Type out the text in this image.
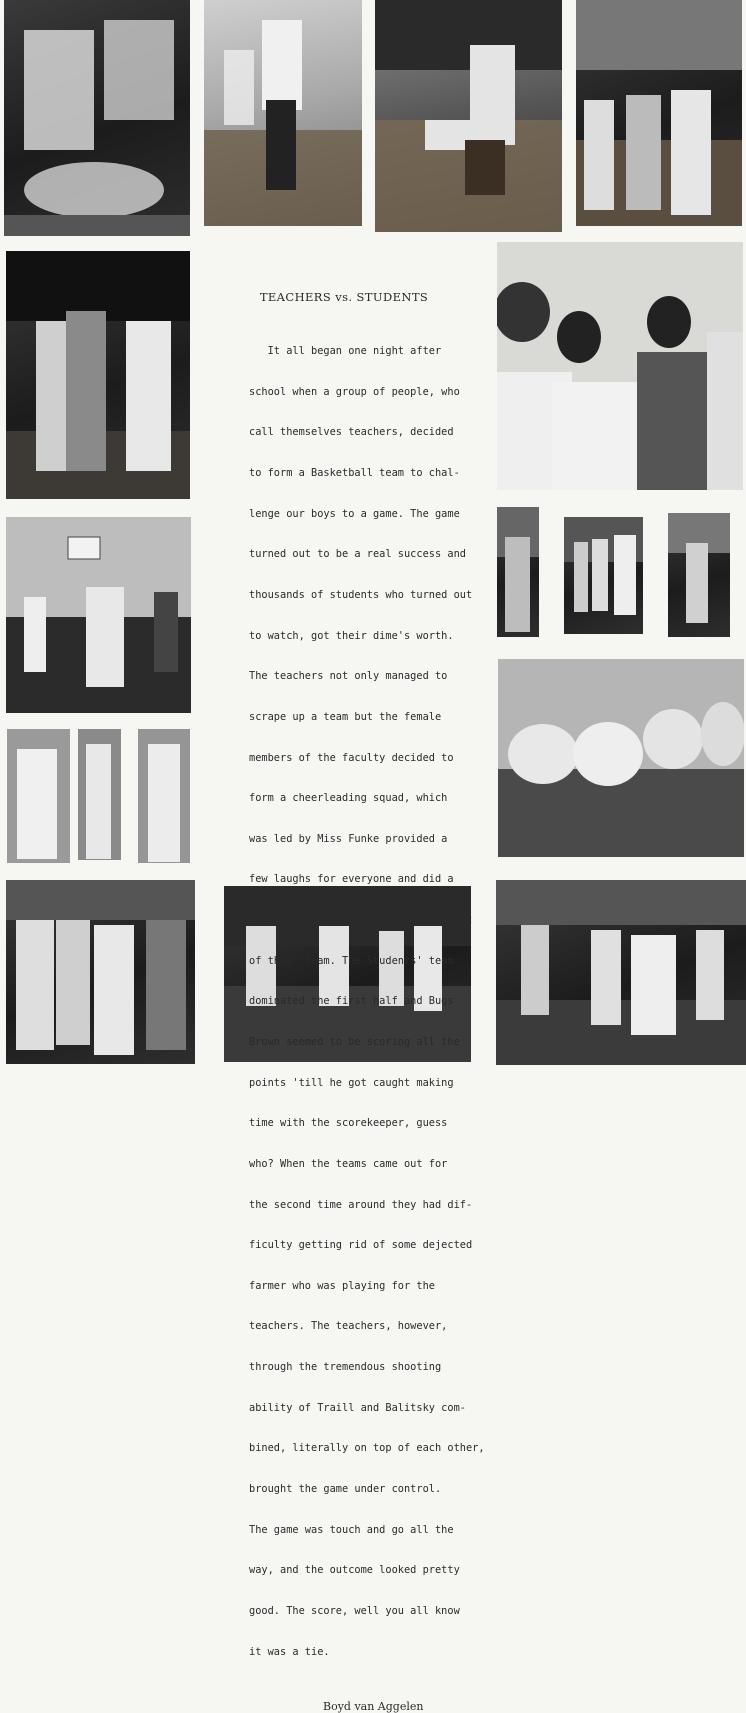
TEACHERS vs. STUDENTS

It all began one night after

school when a group of people, who

call themselves teachers, decided

to form a Basketball team to chal-

lenge our boys to a game. The game

turned out to be a real success and

thousands of students who turned out

to watch, got their dime's worth.

The teachers not only managed to

scrape up a team but the female

members of the faculty decided to

form a cheerleading squad, which

was led by Miss Funke provided a

few laughs for everyone and did a

marvelous job in boosting the spirit

of their team. The Students' team

dominated the first half and Bugs

Brown seemed to be scoring all the

points 'till he got caught making

time with the scorekeeper, guess

who? When the teams came out for

the second time around they had dif-

ficulty getting rid of some dejected

farmer who was playing for the

teachers. The teachers, however,

through the tremendous shooting

ability of Traill and Balitsky com-

bined, literally on top of each other,

brought the game under control.

The game was touch and go all the

way, and the outcome looked pretty

good. The score, well you all know

it was a tie.

Boyd van Aggelen
